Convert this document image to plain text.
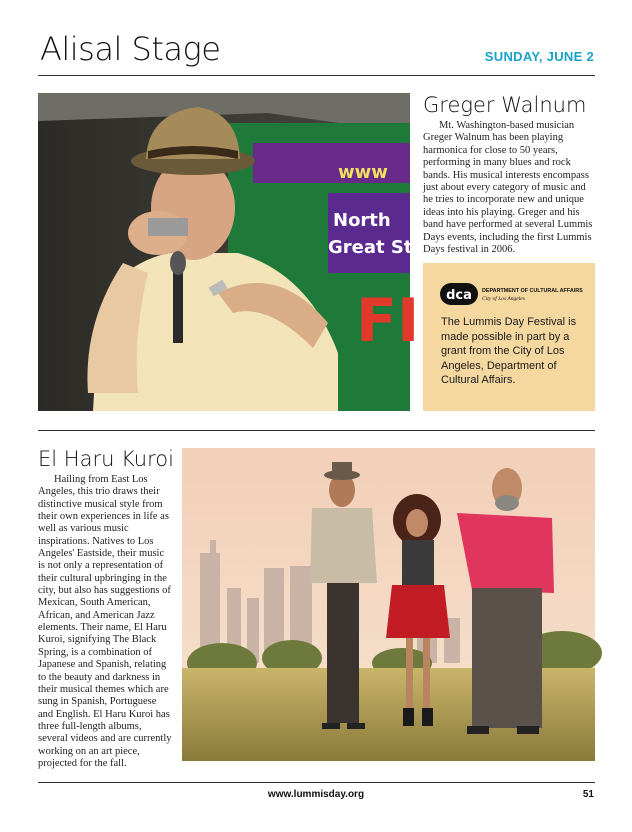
Alisal Stage	SUNDAY, JUNE 2
www
North
Great St
FI
Greger Walnum
Mt. Washington-based musician Greger Walnum has been playing harmonica for close to 50 years, performing in many blues and rock bands. His musical interests encompass just about every category of music and he tries to incorporate new and unique ideas into his playing. Greger and his band have performed at several Lummis Days events, including the first Lummis Days festival in 2006.
dca DEPARTMENT OF CULTURAL AFFAIRS
City of Los Angeles
The Lummis Day Festival is made possible in part by a grant from the City of Los Angeles, Department of Cultural Affairs.
El Haru Kuroi
Hailing from East Los Angeles, this trio draws their distinctive musical style from their own experiences in life as well as various music inspirations. Natives to Los Angeles' Eastside, their music is not only a representation of their cultural upbringing in the city, but also has suggestions of Mexican, South American, African, and American Jazz elements. Their name, El Haru Kuroi, signifying The Black Spring, is a combination of Japanese and Spanish, relating to the beauty and darkness in their musical themes which are sung in Spanish, Portuguese and English. El Haru Kuroi has three full-length albums, several videos and are currently working on an art piece, projected for the fall.
www.lummisday.org	51
